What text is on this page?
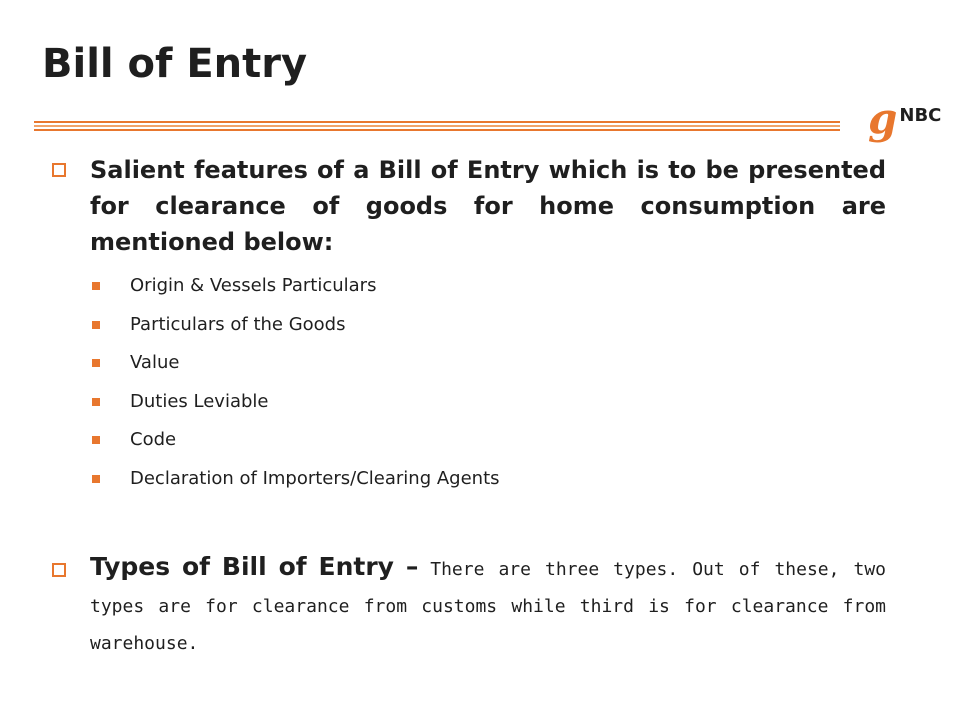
Bill of Entry
g NBC
Salient features of a Bill of Entry which is to be presented for clearance of goods for home consumption are mentioned below:
Origin & Vessels Particulars
Particulars of the Goods
Value
Duties Leviable
Code
Declaration of Importers/Clearing Agents
Types of Bill of Entry – There are three types. Out of these, two types are for clearance from customs while third is for clearance from warehouse.
